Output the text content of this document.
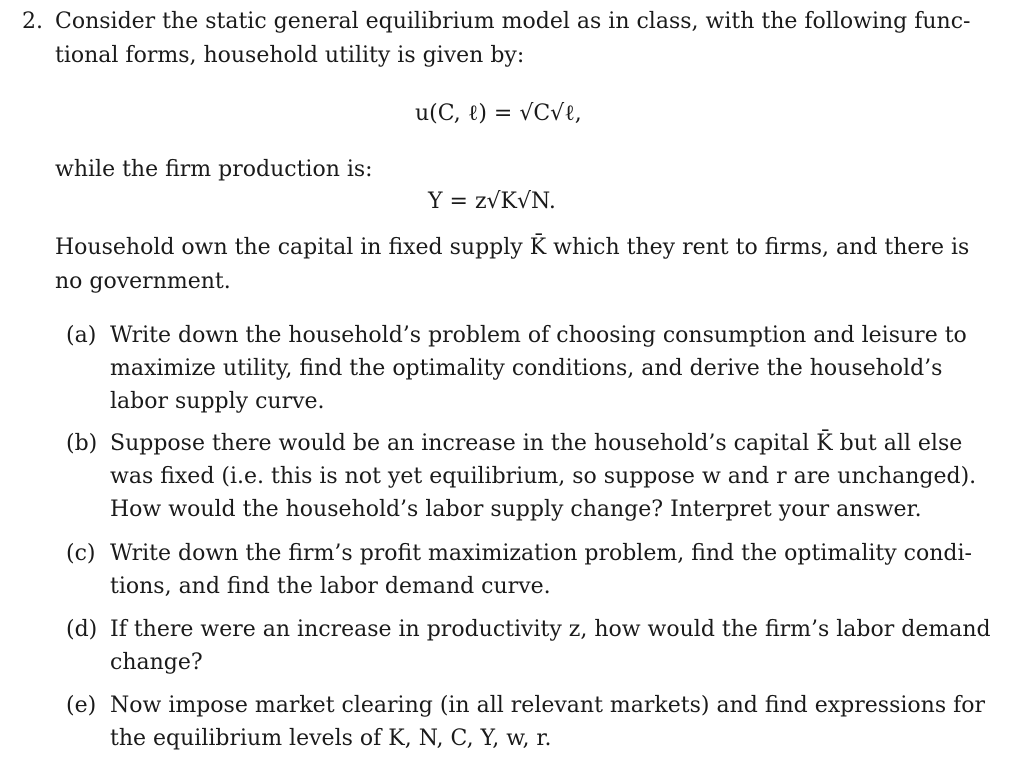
2. Consider the static general equilibrium model as in class, with the following func-
tional forms, household utility is given by:
u(C, ℓ) = √C√ℓ,
while the firm production is:
Y = z√K√N.
Household own the capital in fixed supply K̄ which they rent to firms, and there is
no government.
(a) Write down the household’s problem of choosing consumption and leisure to
maximize utility, find the optimality conditions, and derive the household’s
labor supply curve.
(b) Suppose there would be an increase in the household’s capital K̄ but all else
was fixed (i.e. this is not yet equilibrium, so suppose w and r are unchanged).
How would the household’s labor supply change? Interpret your answer.
(c) Write down the firm’s profit maximization problem, find the optimality condi-
tions, and find the labor demand curve.
(d) If there were an increase in productivity z, how would the firm’s labor demand
change?
(e) Now impose market clearing (in all relevant markets) and find expressions for
the equilibrium levels of K, N, C, Y, w, r.
